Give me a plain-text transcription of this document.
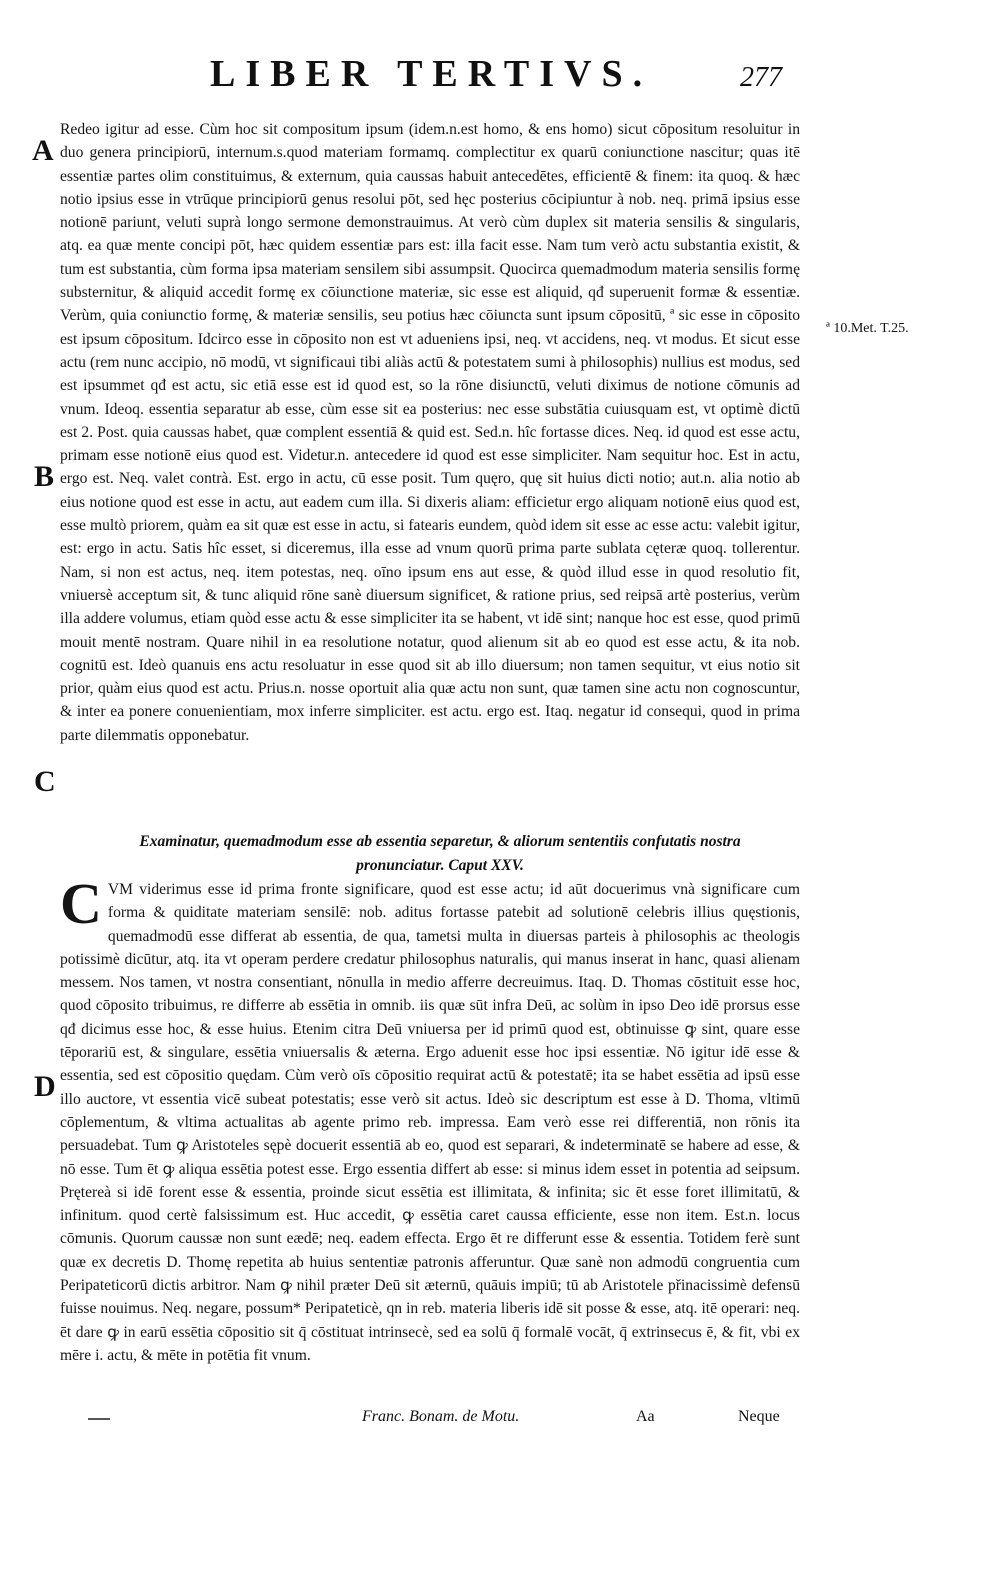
LIBER TERTIVS.	277
A
B
C
D
ª 10.Met. T.25.

Redeo igitur ad esse. Cùm hoc sit compositum ipsum (idem.n.est homo, & ens homo) sicut cōpositum resoluitur in duo genera principiorū, internum.s.quod materiam formamq. complectitur ex quarū coniunctione nascitur; quas itē essentiæ partes olim constituimus, & externum, quia caussas habuit antecedētes, efficientē & finem: ita quoq. & hæc notio ipsius esse in vtrūque principiorū genus resolui pōt, sed hęc posterius cōcipiuntur à nob. neq. primā ipsius esse notionē pariunt, veluti suprà longo sermone demonstrauimus. At verò cùm duplex sit materia sensilis & singularis, atq. ea quæ mente concipi pōt, hæc quidem essentiæ pars est: illa facit esse. Nam tum verò actu substantia existit, & tum est substantia, cùm forma ipsa materiam sensilem sibi assumpsit. Quocirca quemadmodum materia sensilis formę substernitur, & aliquid accedit formę ex cōiunctione materiæ, sic esse est aliquid, qđ superuenit formæ & essentiæ. Verùm, quia coniunctio formę, & materiæ sensilis, seu potius hæc cōiuncta sunt ipsum cōpositū, ª sic esse in cōposito est ipsum cōpositum. Idcirco esse in cōposito non est vt adueniens ipsi, neq. vt accidens, neq. vt modus. Et sicut esse actu (rem nunc accipio, nō modū, vt significaui tibi aliàs actū & potestatem sumi à philosophis) nullius est modus, sed est ipsummet qđ est actu, sic etiā esse est id quod est, so la rōne disiunctū, veluti diximus de notione cōmunis ad vnum. Ideoq. essentia separatur ab esse, cùm esse sit ea posterius: nec esse substātia cuiusquam est, vt optimè dictū est 2. Post. quia caussas habet, quæ complent essentiā & quid est. Sed.n. hîc fortasse dices. Neq. id quod est esse actu, primam esse notionē eius quod est. Videtur.n. antecedere id quod est esse simpliciter. Nam sequitur hoc. Est in actu, ergo est. Neq. valet contrà. Est. ergo in actu, cū esse posit. Tum quęro, quę sit huius dicti notio; aut.n. alia notio ab eius notione quod est esse in actu, aut eadem cum illa. Si dixeris aliam: efficietur ergo aliquam notionē eius quod est, esse multò priorem, quàm ea sit quæ est esse in actu, si fatearis eundem, quòd idem sit esse ac esse actu: valebit igitur, est: ergo in actu. Satis hîc esset, si diceremus, illa esse ad vnum quorū prima parte sublata cęteræ quoq. tollerentur. Nam, si non est actus, neq. item potestas, neq. oīno ipsum ens aut esse, & quòd illud esse in quod resolutio fit, vniuersè acceptum sit, & tunc aliquid rōne sanè diuersum significet, & ratione prius, sed reipsā artè posterius, verùm illa addere volumus, etiam quòd esse actu & esse simpliciter ita se habent, vt idē sint; nanque hoc est esse, quod primū mouit mentē nostram. Quare nihil in ea resolutione notatur, quod alienum sit ab eo quod est esse actu, & ita nob. cognitū est. Ideò quanuis ens actu resoluatur in esse quod sit ab illo diuersum; non tamen sequitur, vt eius notio sit prior, quàm eius quod est actu. Prius.n. nosse oportuit alia quæ actu non sunt, quæ tamen sine actu non cognoscuntur, & inter ea ponere conuenientiam, mox inferre simpliciter. est actu. ergo est. Itaq. negatur id consequi, quod in prima parte dilemmatis opponebatur.

Examinatur, quemadmodum esse ab essentia separetur, & aliorum sententiis confutatis nostra
pronunciatur. Caput XXV.
C VM viderimus esse id prima fronte significare, quod est esse actu; id aūt docuerimus vnà significare cum forma & quiditate materiam sensilē: nob. aditus fortasse patebit ad solutionē celebris illius quęstionis, quemadmodū esse differat ab essentia, de qua, tametsi multa in diuersas parteis à philosophis ac theologis potissimè dicūtur, atq. ita vt operam perdere credatur philosophus naturalis, qui manus inserat in hanc, quasi alienam messem. Nos tamen, vt nostra consentiant, nōnulla in medio afferre decreuimus. Itaq. D. Thomas cōstituit esse hoc, quod cōposito tribuimus, re differre ab essētia in omnib. iis quæ sūt infra Deū, ac solùm in ipso Deo idē prorsus esse qđ dicimus esse hoc, & esse huius. Etenim citra Deū vniuersa per id primū quod est, obtinuisse ꝙ sint, quare esse tēporariū est, & singulare, essētia vniuersalis & æterna. Ergo aduenit esse hoc ipsi essentiæ. Nō igitur idē esse & essentia, sed est cōpositio quędam. Cùm verò oīs cōpositio requirat actū & potestatē; ita se habet essētia ad ipsū esse illo auctore, vt essentia vicē subeat potestatis; esse verò sit actus. Ideò sic descriptum est esse à D. Thoma, vltimū cōplementum, & vltima actualitas ab agente primo reb. impressa. Eam verò esse rei differentiā, non rōnis ita persuadebat. Tum ꝙ Aristoteles sępè docuerit essentiā ab eo, quod est separari, & indeterminatē se habere ad esse, & nō esse. Tum ēt ꝙ aliqua essētia potest esse. Ergo essentia differt ab esse: si minus idem esset in potentia ad seipsum. Prętereà si idē forent esse & essentia, proinde sicut essētia est illimitata, & infinita; sic ēt esse foret illimitatū, & infinitum. quod certè falsissimum est. Huc accedit, ꝙ essētia caret caussa efficiente, esse non item. Est.n. locus cōmunis. Quorum caussæ non sunt eædē; neq. eadem effecta. Ergo ēt re differunt esse & essentia. Totidem ferè sunt quæ ex decretis D. Thomę repetita ab huius sententiæ patronis afferuntur. Quæ sanè non admodū congruentia cum Peripateticorū dictis arbitror. Nam ꝙ nihil præter Deū sit æternū, quāuis impiū; tū ab Aristotele přinacissimè defensū fuisse nouimus. Neq. negare, possum* Peripateticè, qn in reb. materia liberis idē sit posse & esse, atq. itē operari: neq. ēt dare ꝙ in earū essētia cōpositio sit q̄ cōstituat intrinsecè, sed ea solū q̄ formalē vocāt, q̄ extrinsecus ē, & fit, vbi ex mēre i. actu, & mēte in potētia fit vnum.

Franc. Bonam. de Motu.	Aa	Neque
